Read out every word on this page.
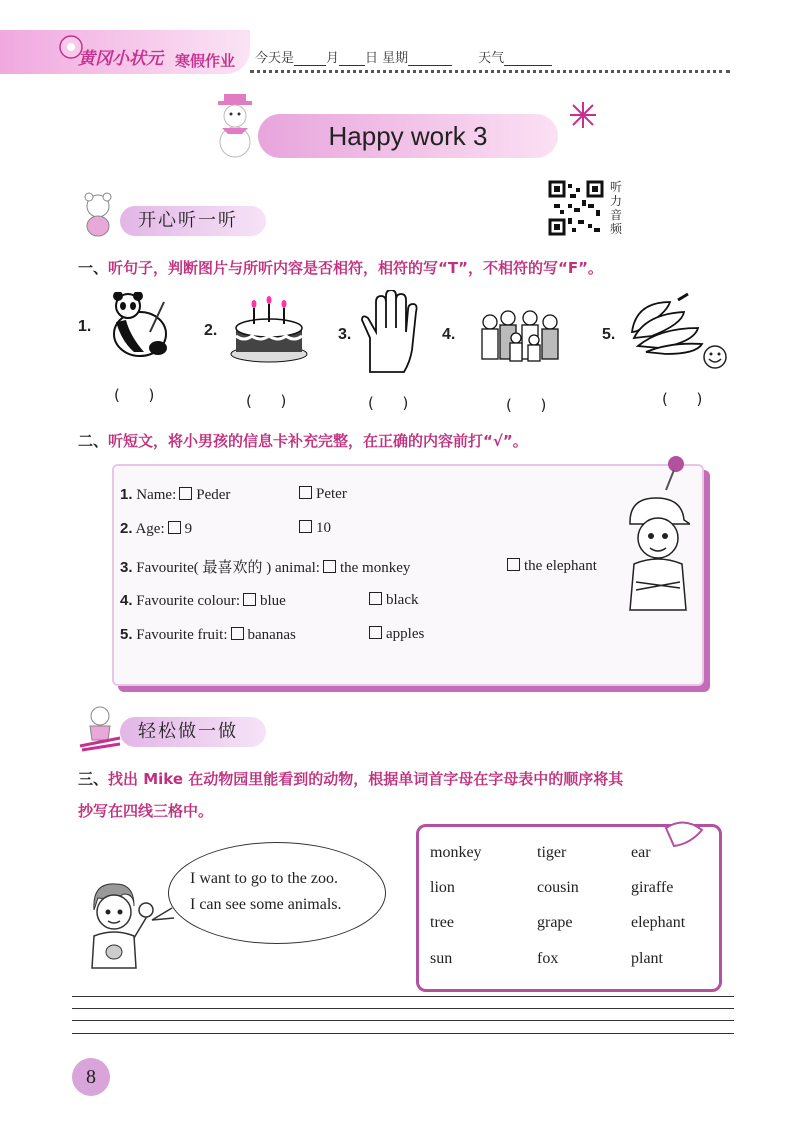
黄冈小状元 寒假作业 今天是 月 日 星期	天气
Happy work 3
开心听一听
听力音频
一、听句子，判断图片与所听内容是否相符，相符的写“T”，不相符的写“F”。
1.	2.	3.	4.	5.
(      )	(      )	(      )	(      )	(      )
二、听短文，将小男孩的信息卡补充完整，在正确的内容前打“√”。
1. Name: Peder	Peter
2. Age: 9	10
3. Favourite( 最喜欢的 ) animal: the monkey	the elephant
4. Favourite colour: blue	black
5. Favourite fruit: bananas	apples
轻松做一做
三、找出 Mike 在动物园里能看到的动物，根据单词首字母在字母表中的顺序将其
抄写在四线三格中。
I want to go to the zoo.
I can see some animals.
monkey	tiger	ear
lion	cousin	giraffe
tree	grape	elephant
sun	fox	plant
8
